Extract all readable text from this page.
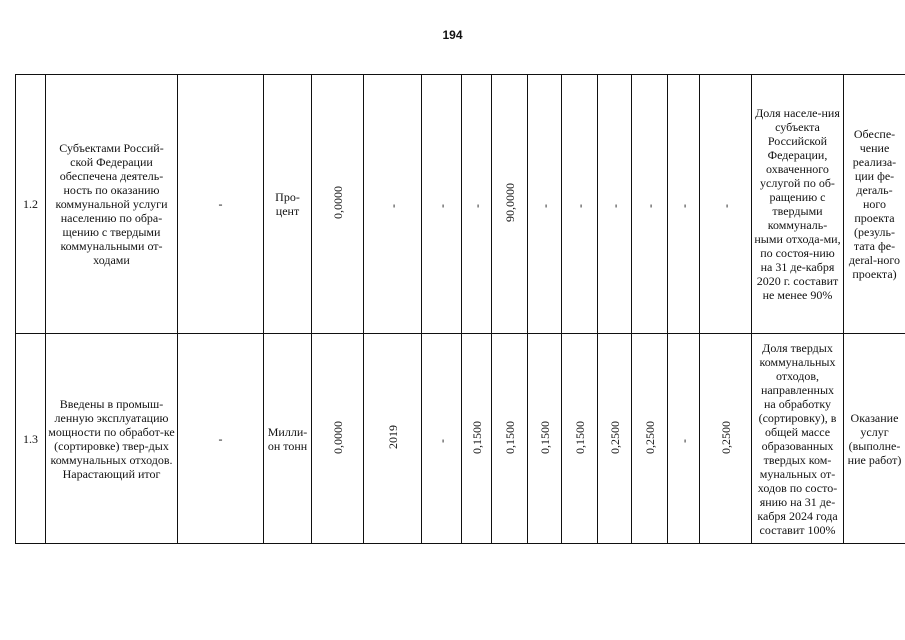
194
1.2	Субъектами Россий-ской Федерации обеспечена деятель-ность по оказанию коммунальной услуги населению по обра-щению с твердыми коммунальными от-ходами	-	Про-цент	0,0000	-	-	-	90,0000	-	-	-	-	-	-	Доля населе-ния субъекта Российской Федерации, охваченного услугой по об-ращению с твердыми коммуналь-ными отхода-ми, по состоя-нию на 31 де-кабря 2020 г. составит не менее 90%	Обеспе-чение реализа-ции фе-деraль-ного проекта (резуль-тата фе-деral-ного проекта)

1.3	Введены в промыш-ленную эксплуатацию мощности по обработ-ке (сортировке) твер-дых коммунальных отходов. Нарастающий итог	-	Милли-он тонн	0,0000	2019	-	0,1500	0,1500	0,1500	0,1500	0,2500	0,2500	-	0,2500	Доля твердых коммунальных отходов, направленных на обработку (сортировку), в общей массе образованных твердых ком-мунальных от-ходов по состо-янию на 31 де-кабря 2024 года составит 100%	Оказание услуг (выполне-ние работ)
